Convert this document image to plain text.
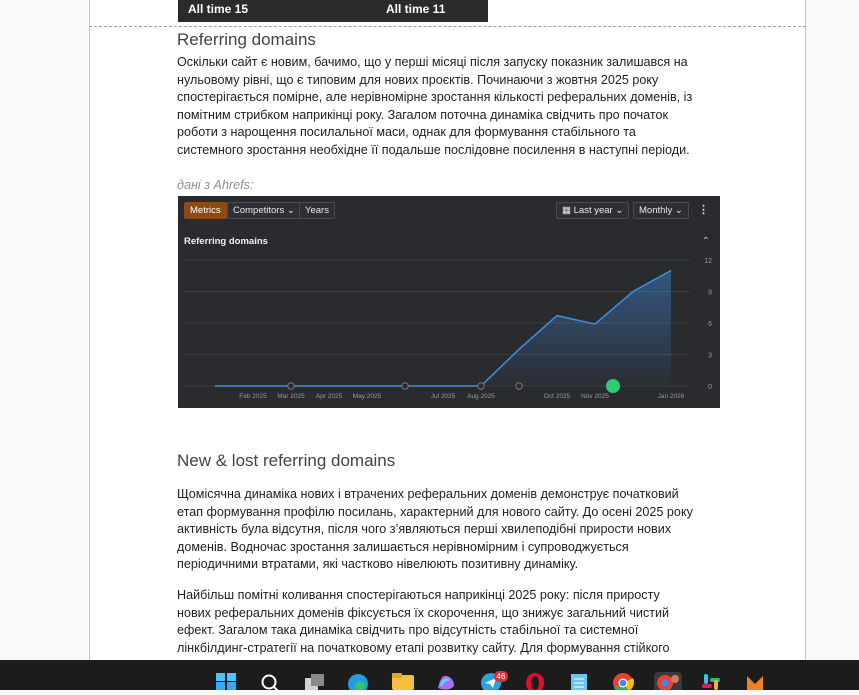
All time 15	All time 11
Referring domains
Оскільки сайт є новим, бачимо, що у перші місяці після запуску показник залишався на
нульовому рівні, що є типовим для нових проєктів. Починаючи з жовтня 2025 року
спостерігається помірне, але нерівномірне зростання кількості реферальних доменів, із
помітним стрибком наприкінці року. Загалом поточна динаміка свідчить про початок
роботи з нарощення посилальної маси, однак для формування стабільного та
системного зростання необхідне її подальше послідовне посилення в наступні періоди.
дані з Ahrefs:
0
3
6
9
12
Feb 2025 Mar 2025 Apr 2025 May 2025	Jul 2025 Aug 2025	Oct 2025 Nov 2025	Jan 2026
Metrics	Competitors ⌄	Years	▦ Last year ⌄	Monthly ⌄	⋮
Referring domains	⌃
New & lost referring domains
Щомісячна динаміка нових і втрачених реферальних доменів демонструє початковий
етап формування профілю посилань, характерний для нового сайту. До осені 2025 року
активність була відсутня, після чого з’являються перші хвилеподібні прирости нових
доменів. Водночас зростання залишається нерівномірним і супроводжується
періодичними втратами, які частково нівелюють позитивну динаміку.
Найбільш помітні коливання спостерігаються наприкінці 2025 року: після приросту
нових реферальних доменів фіксується їх скорочення, що знижує загальний чистий
ефект. Загалом така динаміка свідчить про відсутність стабільної та системної
лінкбілдинг-стратегії на початковому етапі розвитку сайту. Для формування стійкого
46
